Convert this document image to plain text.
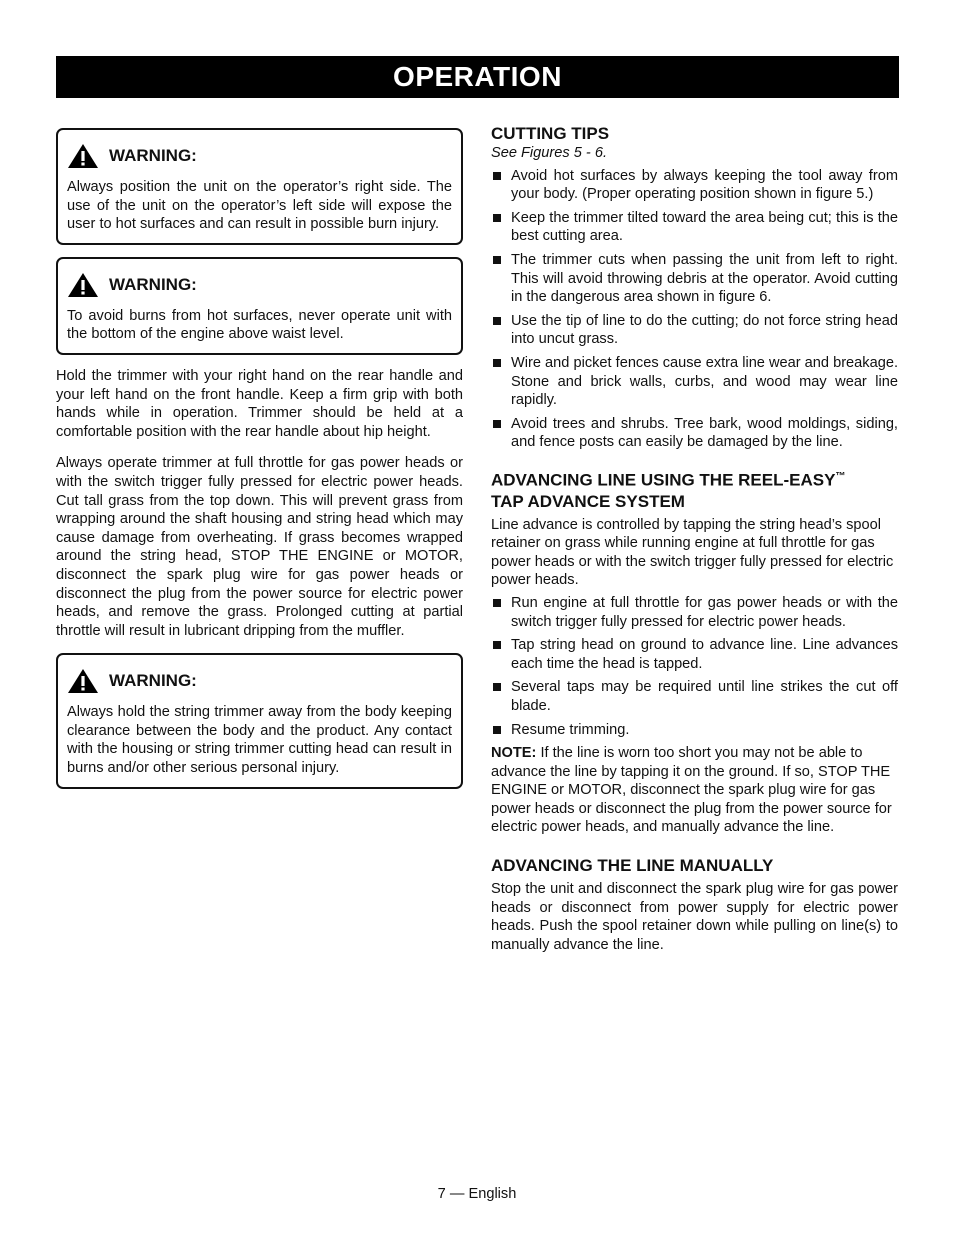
OPERATION
WARNING:
Always position the unit on the operator’s right side. The use of the unit on the operator’s left side will expose the user to hot surfaces and can result in possible burn injury.
WARNING:
To avoid burns from hot surfaces, never operate unit with the bottom of the engine above waist level.

Hold the trimmer with your right hand on the rear handle and your left hand on the front handle. Keep a firm grip with both hands while in operation. Trimmer should be held at a comfortable position with the rear handle about hip height.

Always operate trimmer at full throttle for gas power heads or with the switch trigger fully pressed for electric power heads. Cut tall grass from the top down. This will prevent grass from wrapping around the shaft housing and string head which may cause damage from overheating. If grass becomes wrapped around the string head, STOP THE ENGINE or MOTOR, disconnect the spark plug wire for gas power heads or disconnect the plug from the power source for electric power heads, and remove the grass. Prolonged cutting at partial throttle will result in lubricant dripping from the muffler.

WARNING:
Always hold the string trimmer away from the body keeping clearance between the body and the product. Any contact with the housing or string trimmer cutting head can result in burns and/or other serious personal injury.
CUTTING TIPS
See Figures 5 - 6.
Avoid hot surfaces by always keeping the tool away from your body. (Proper operating position shown in figure 5.)
Keep the trimmer tilted toward the area being cut; this is the best cutting area.
The trimmer cuts when passing the unit from left to right. This will avoid throwing debris at the operator. Avoid cutting in the dangerous area shown in figure 6.
Use the tip of line to do the cutting; do not force string head into uncut grass.
Wire and picket fences cause extra line wear and breakage. Stone and brick walls, curbs, and wood may wear line rapidly.
Avoid trees and shrubs. Tree bark, wood moldings, siding, and fence posts can easily be damaged by the line.
ADVANCING LINE USING THE REEL-EASY™
TAP ADVANCE SYSTEM

Line advance is controlled by tapping the string head’s spool retainer on grass while running engine at full throttle for gas power heads or with the switch trigger fully pressed for electric power heads.

Run engine at full throttle for gas power heads or with the switch trigger fully pressed for electric power heads.
Tap string head on ground to advance line. Line advances each time the head is tapped.
Several taps may be required until line strikes the cut off blade.
Resume trimming.

NOTE: If the line is worn too short you may not be able to advance the line by tapping it on the ground. If so, STOP THE ENGINE or MOTOR, disconnect the spark plug wire for gas power heads or disconnect the plug from the power source for electric power heads, and manually advance the line.

ADVANCING THE LINE MANUALLY

Stop the unit and disconnect the spark plug wire for gas power heads or disconnect from power supply for electric power heads. Push the spool retainer down while pulling on line(s) to manually advance the line.

7 — English
